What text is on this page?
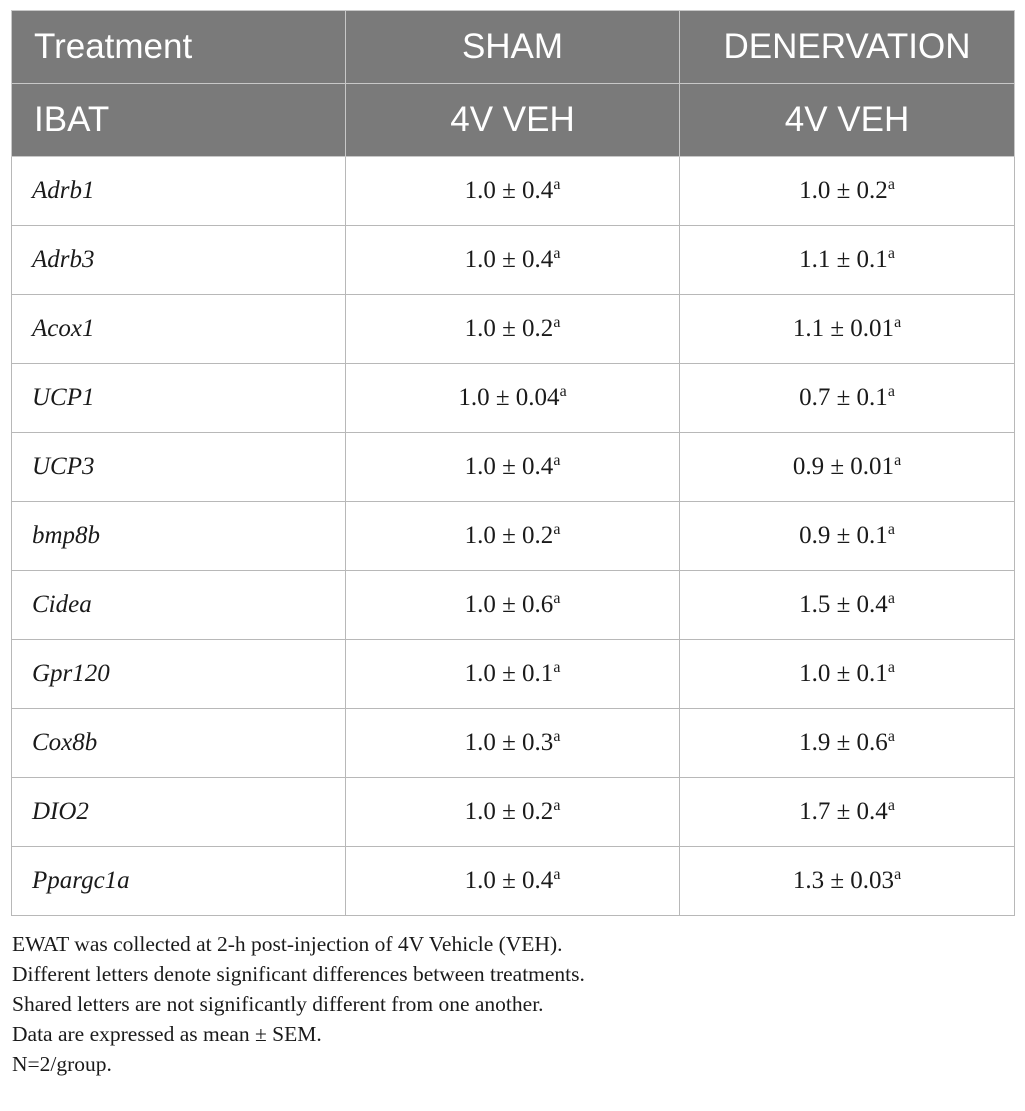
Treatment	SHAM	DENERVATION
IBAT	4V VEH	4V VEH
Adrb1	1.0 ± 0.4$^a$	1.0 ± 0.2$^a$
Adrb3	1.0 ± 0.4$^a$	1.1 ± 0.1$^a$
Acox1	1.0 ± 0.2$^a$	1.1 ± 0.01$^a$
UCP1	1.0 ± 0.04$^a$	0.7 ± 0.1$^a$
UCP3	1.0 ± 0.4$^a$	0.9 ± 0.01$^a$
bmp8b	1.0 ± 0.2$^a$	0.9 ± 0.1$^a$
Cidea	1.0 ± 0.6$^a$	1.5 ± 0.4$^a$
Gpr120	1.0 ± 0.1$^a$	1.0 ± 0.1$^a$
Cox8b	1.0 ± 0.3$^a$	1.9 ± 0.6$^a$
DIO2	1.0 ± 0.2$^a$	1.7 ± 0.4$^a$
Ppargc1a	1.0 ± 0.4$^a$	1.3 ± 0.03$^a$
EWAT was collected at 2-h post-injection of 4V Vehicle (VEH).
Different letters denote significant differences between treatments.
Shared letters are not significantly different from one another.
Data are expressed as mean ± SEM.
N=2/group.
